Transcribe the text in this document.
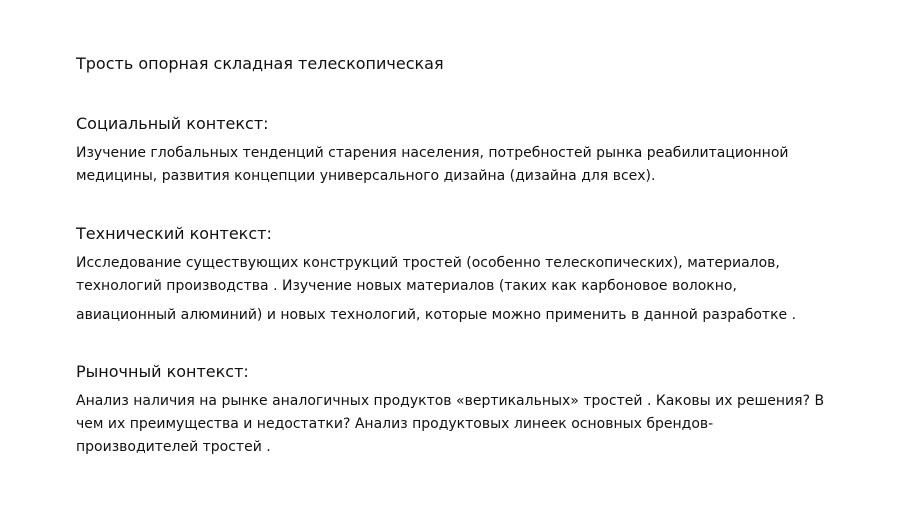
Трость опорная складная телескопическая
Социальный контекст:

Изучение глобальных тенденций старения населения, потребностей рынка реабилитационной

медицины, развития концепции универсального дизайна (дизайна для всех).

Технический контекст:

Исследование существующих конструкций тростей (особенно телескопических), материалов,

технологий производства . Изучение новых материалов (таких как карбоновое волокно,

авиационный алюминий) и новых технологий, которые можно применить в данной разработке .

Рыночный контекст:

Анализ наличия на рынке аналогичных продуктов «вертикальных» тростей . Каковы их решения? В

чем их преимущества и недостатки? Анализ продуктовых линеек основных брендов-

производителей тростей .
